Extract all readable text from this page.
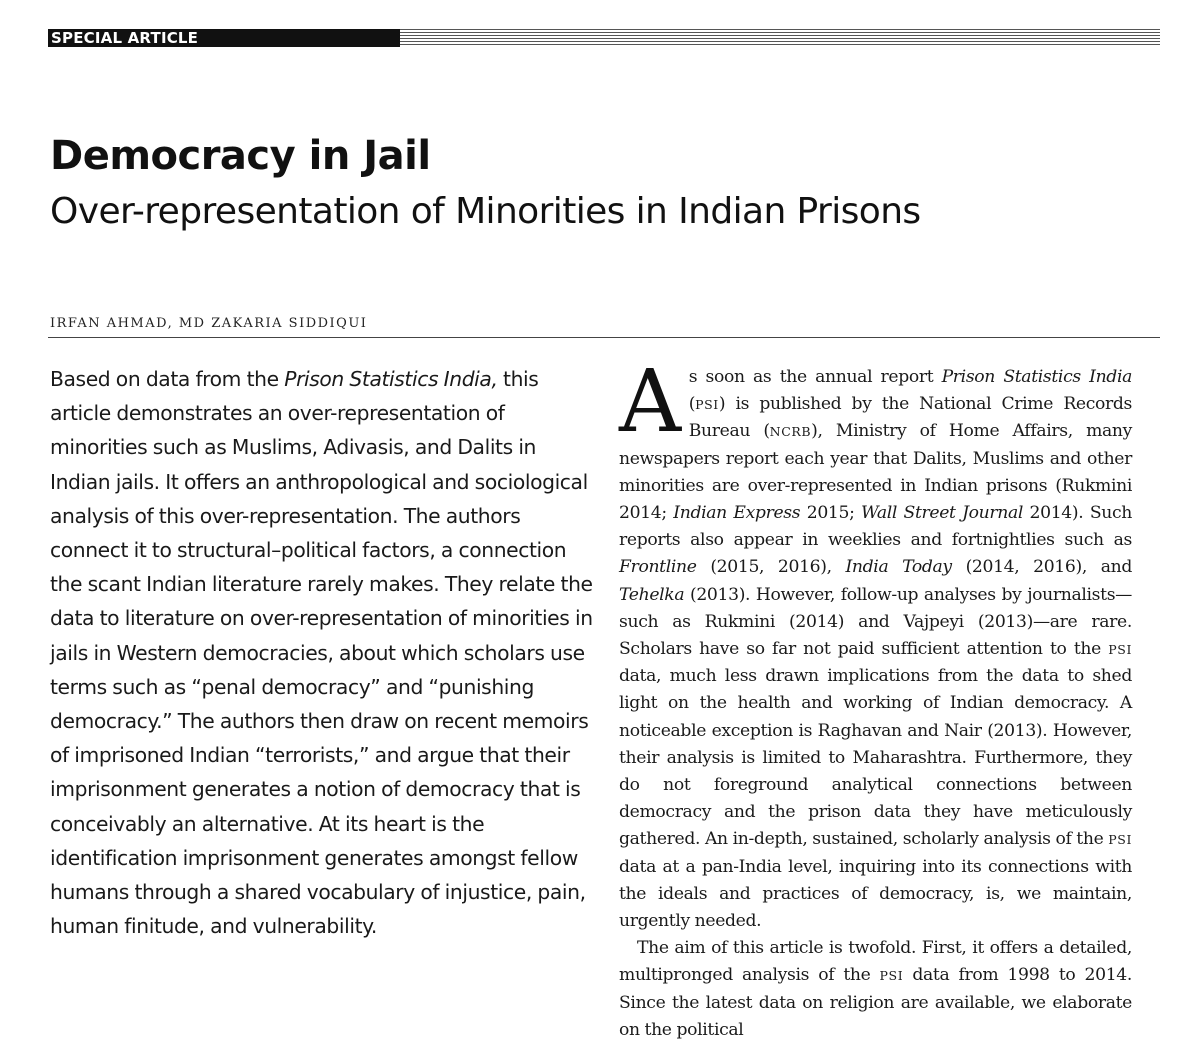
SPECIAL ARTICLE
Democracy in Jail
Over-representation of Minorities in Indian Prisons
IRFAN AHMAD, MD ZAKARIA SIDDIQUI

Based on data from the Prison Statistics India, this article demonstrates an over-representation of minorities such as Muslims, Adivasis, and Dalits in Indian jails. It offers an anthropological and sociological analysis of this over-representation. The authors connect it to structural–political factors, a connection the scant Indian literature rarely makes. They relate the data to literature on over-representation of minorities in jails in Western democracies, about which scholars use terms such as “penal democracy” and “punishing democracy.” The authors then draw on recent memoirs of imprisoned Indian “terrorists,” and argue that their imprisonment generates a notion of democracy that is conceivably an alternative. At its heart is the identification imprisonment generates amongst fellow humans through a shared vocabulary of injustice, pain, human finitude, and vulnerability.

As soon as the annual report Prison Statistics India (PSI) is published by the National Crime Records Bureau (NCRB), Ministry of Home Affairs, many newspapers report each year that Dalits, Muslims and other minorities are over-represented in Indian prisons (Rukmini 2014; Indian Express 2015; Wall Street Journal 2014). Such reports also appear in weeklies and fortnightlies such as Frontline (2015, 2016), India Today (2014, 2016), and Tehelka (2013). However, follow-up analyses by journalists—such as Rukmini (2014) and Vajpeyi (2013)—are rare. Scholars have so far not paid sufficient attention to the PSI data, much less drawn implications from the data to shed light on the health and working of Indian democracy. A noticeable exception is Raghavan and Nair (2013). However, their analysis is limited to Maharashtra. Furthermore, they do not foreground analytical connections between democracy and the prison data they have meticulously gathered. An in-depth, sustained, scholarly analysis of the PSI data at a pan-India level, inquiring into its connections with the ideals and practices of democracy, is, we maintain, urgently needed.

The aim of this article is twofold. First, it offers a detailed, multipronged analysis of the PSI data from 1998 to 2014. Since the latest data on religion are available, we elaborate on the political
